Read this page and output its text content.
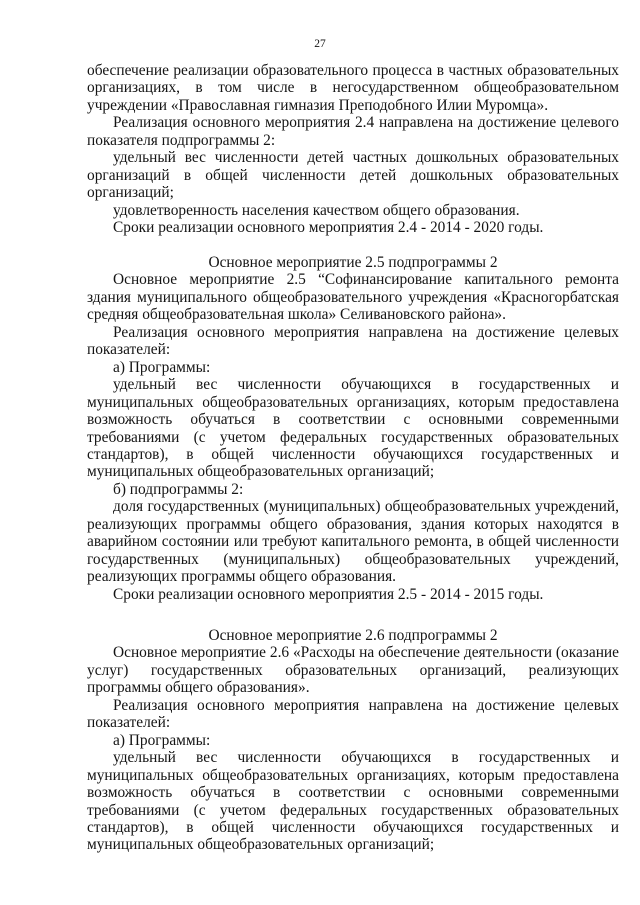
27
обеспечение реализации образовательного процесса в частных образовательных организациях, в том числе в негосударственном общеобразовательном учреждении «Православная гимназия Преподобного Илии Муромца».
Реализация основного мероприятия 2.4 направлена на достижение целевого показателя подпрограммы 2:
удельный вес численности детей частных дошкольных образовательных организаций в общей численности детей дошкольных образовательных организаций;
удовлетворенность населения качеством общего образования.
Сроки реализации основного мероприятия 2.4 - 2014 - 2020 годы.
Основное мероприятие 2.5 подпрограммы 2
Основное мероприятие 2.5 “Софинансирование капитального ремонта здания муниципального общеобразовательного учреждения «Красногорбатская средняя общеобразовательная школа» Селивановского района».
Реализация основного мероприятия направлена на достижение целевых показателей:
а) Программы:
удельный вес численности обучающихся в государственных и муниципальных общеобразовательных организациях, которым предоставлена возможность обучаться в соответствии с основными современными требованиями (с учетом федеральных государственных образовательных стандартов), в общей численности обучающихся государственных и муниципальных общеобразовательных организаций;
б) подпрограммы 2:
доля государственных (муниципальных) общеобразовательных учреждений, реализующих программы общего образования, здания которых находятся в аварийном состоянии или требуют капитального ремонта, в общей численности государственных (муниципальных) общеобразовательных учреждений, реализующих программы общего образования.
Сроки реализации основного мероприятия 2.5 - 2014 - 2015 годы.
Основное мероприятие 2.6 подпрограммы 2
Основное мероприятие 2.6 «Расходы на обеспечение деятельности (оказание услуг) государственных образовательных организаций, реализующих программы общего образования».
Реализация основного мероприятия направлена на достижение целевых показателей:
а) Программы:
удельный вес численности обучающихся в государственных и муниципальных общеобразовательных организациях, которым предоставлена возможность обучаться в соответствии с основными современными требованиями (с учетом федеральных государственных образовательных стандартов), в общей численности обучающихся государственных и муниципальных общеобразовательных организаций;
